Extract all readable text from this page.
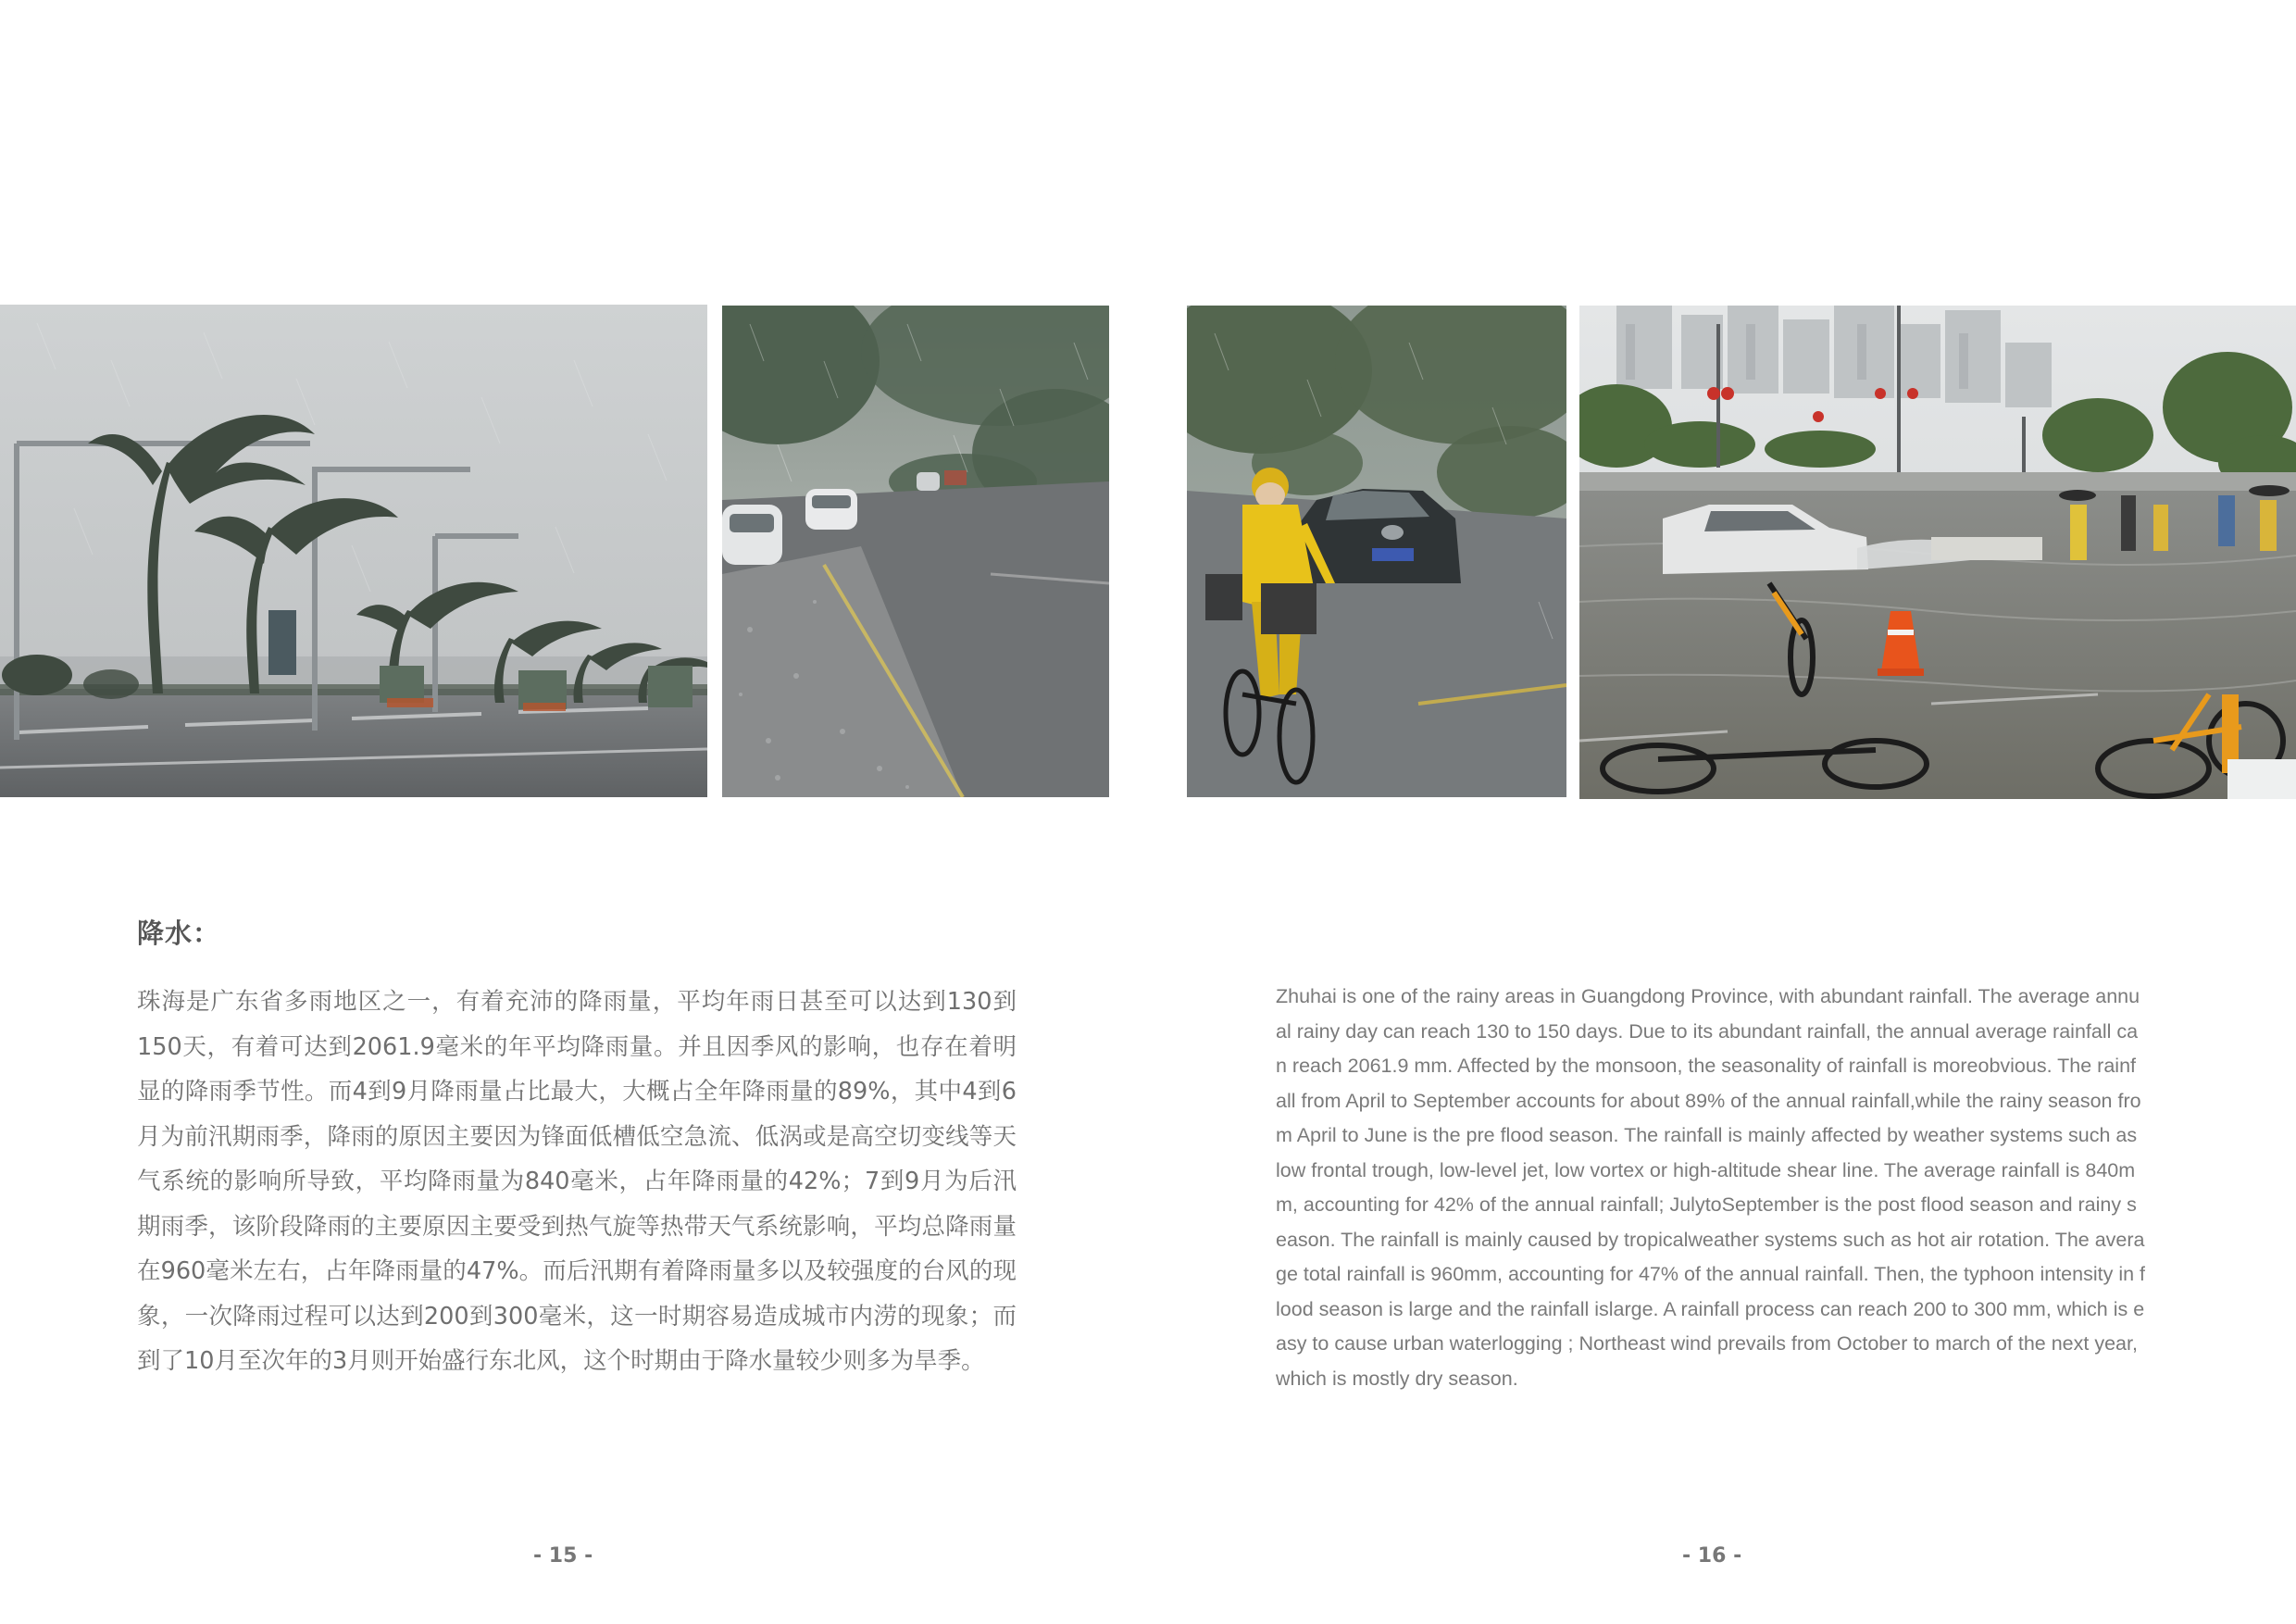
降水：

珠海是广东省多雨地区之一，有着充沛的降雨量，平均年雨日甚至可以达到130到150天，有着可达到2061.9毫米的年平均降雨量。并且因季风的影响，也存在着明显的降雨季节性。而4到9月降雨量占比最大，大概占全年降雨量的89%，其中4到6月为前汛期雨季，降雨的原因主要因为锋面低槽低空急流、低涡或是高空切变线等天气系统的影响所导致，平均降雨量为840毫米，占年降雨量的42%；7到9月为后汛期雨季，该阶段降雨的主要原因主要受到热气旋等热带天气系统影响，平均总降雨量在960毫米左右，占年降雨量的47%。而后汛期有着降雨量多以及较强度的台风的现象，一次降雨过程可以达到200到300毫米，这一时期容易造成城市内涝的现象；而到了10月至次年的3月则开始盛行东北风，这个时期由于降水量较少则多为旱季。

Zhuhai is one of the rainy areas in Guangdong Province, with abundant rainfall. The average annual rainy day can reach 130 to 150 days. Due to its abundant rainfall, the annual average rainfall can reach 2061.9 mm. Affected by the monsoon, the seasonality of rainfall is moreobvious. The rainfall from April to September accounts for about 89% of the annual rainfall,while the rainy season from April to June is the pre flood season. The rainfall is mainly affected by weather systems such as low frontal trough, low-level jet, low vortex or high-altitude shear line. The average rainfall is 840mm, accounting for 42% of the annual rainfall; JulytoSeptember is the post flood season and rainy season. The rainfall is mainly caused by tropicalweather systems such as hot air rotation. The average total rainfall is 960mm, accounting for 47% of the annual rainfall. Then, the typhoon intensity in flood season is large and the rainfall islarge. A rainfall process can reach 200 to 300 mm, which is easy to cause urban waterlogging ; Northeast wind prevails from October to march of the next year, which is mostly dry season.

- 15 -	- 16 -
